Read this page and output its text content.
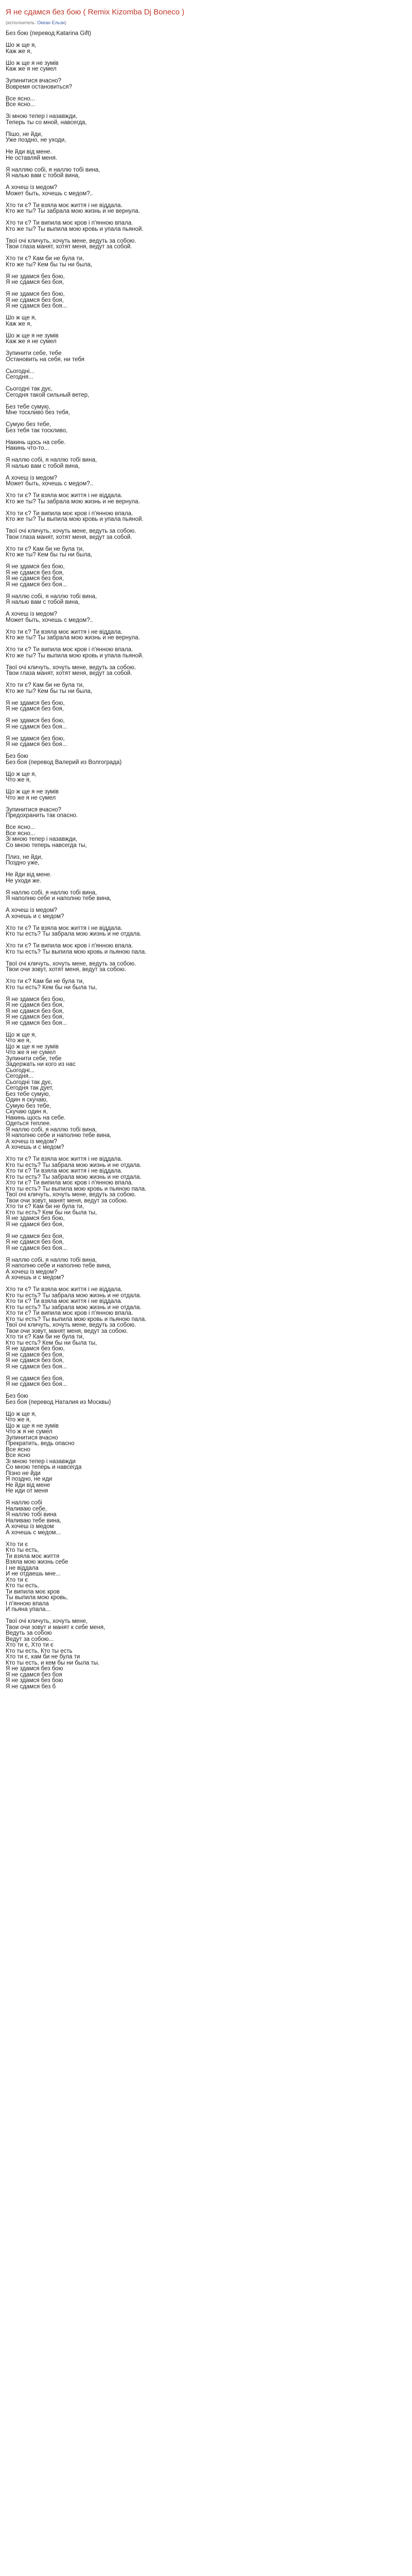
Я не сдамся без бою ( Remix Kizomba Dj Boneco )
(исполнитель: Океан Ельзи)
Без бою (перевод Katarina Gift)

Шо ж ще я,
Каж же я,

Шо ж ще я не зумів
Каж же я не сумел

Зупинитися вчасно?
Вовремя остановиться?

Все ясно...
Все ясно...

Зі мною тепер і назавжди,
Теперь ты со мной, навсегда,

Пішо, не йди,
Уже поздно, не уходи,

Не йди від мене.
Не оставляй меня.

Я налляю собі, я наллю тобі вина,
Я налью вам с тобой вина,

А хочеш із медом?
Может быть, хочешь с медом?..

Хто ти є? Ти взяла моє життя і не віддала.
Кто же ты? Ты забрала мою жизнь и не вернула.

Хто ти є? Ти випила моє кров і п'янною впала.
Кто же ты? Ты выпила мою кровь и упала пьяной.

Твої очі кличуть, хочуть мене, ведуть за собою.
Твои глаза манят, хотят меня, ведут за собой.

Хто ти є? Кам би не була ти,
Кто же ты? Кем бы ты ни была,

Я не здамся без бою,
Я не сдамся без боя,

Я не здамся без бою,
Я не сдамся без боя,
Я не сдамся без боя...

Шо ж ще я,
Каж же я,

Шо ж ще я не зумів
Каж же я не сумел

Зупинити себе, тебе
Остановить на себя, ни тебя

Сьогодні...
Сегодня...

Сьогодні так дує,
Сегодня такой сильный ветер,

Без тебе сумую,
Мне тоскливо без тебя,

Сумую без тебе,
Без тебя так тоскливо,

Накинь щось на себе.
Накинь что-то...

Я наллю собі, я наллю тобі вина,
Я налью вам с тобой вина,

А хочеш із медом?
Может быть, хочешь с медом?..

Хто ти є? Ти взяла моє життя і не віддала.
Кто же ты? Ты забрала мою жизнь и не вернула.

Хто ти є? Ти випила моє кров і п'янною впала.
Кто же ты? Ты выпила мою кровь и упала пьяной.

Твої очі кличуть, хочуть мене, ведуть за собою.
Твои глаза манят, хотят меня, ведут за собой.

Хто ти є? Кам би не була ти,
Кто же ты? Кем бы ты ни была,

Я не здамся без бою,
Я не сдамся без боя,
Я не сдамся без боя,
Я не сдамся без боя...

Я наллю собі, я наллю тобі вина,
Я налью вам с тобой вина,

А хочеш із медом?
Может быть, хочешь с медом?..

Хто ти є? Ти взяла моє життя і не віддала.
Кто же ты? Ты забрала мою жизнь и не вернула.

Хто ти є? Ти випила моє кров і п'янною впала.
Кто же ты? Ты выпила мою кровь и упала пьяной.

Твої очі кличуть, хочуть мене, ведуть за собою.
Твои глаза манят, хотят меня, ведут за собой.

Хто ти є? Кам би не була ти,
Кто же ты? Кем бы ты ни была,

Я не здамся без бою,
Я не сдамся без боя,

Я не здамся без бою,
Я не сдамся без боя...

Я не здамся без бою,
Я не сдамся без боя...

Без бою
Без боя (перевод Валерий из Волгограда)

Що ж ще я,
Что же я,

Що ж ще я не зумів
Что же я не сумел

Зупинитися вчасно?
Предохранить так опасно.

Все ясно...
Все ясно...
Зі мною тепер і назавжди,
Со мною теперь навсегда ты,

Плиз, не йди,
Поздно уже,

Не йди від мене.
Не уходи же.

Я наллю собі, я наллю тобі вина,
Я наполню себе и наполню тебе вина,

А хочеш із медом?
А хочешь и с медом?

Хто ти є? Ти взяла моє життя і не віддала.
Кто ты есть? Ты забрала мою жизнь и не отдала.

Хто ти є? Ти випила моє кров і п'янною впала.
Кто ты есть? Ты выпила мою кровь и пьяною пала.

Твої очі кличуть, хочуть мене, ведуть за собою.
Твои очи зовут, хотят меня, ведут за собою.

Хто ти є? Кам би не була ти,
Кто ты есть? Кем бы ни была ты,

Я не здамся без бою,
Я не сдамся без боя,
Я не сдамся без боя,
Я не сдамся без боя,
Я не сдамся без боя...

Що ж ще я,
Что же я,
Що ж ще я не зумів
Что же я не сумел
Зупинити себе, тебе
Задержать ни кого из нас
Сьогодні...
Сегодня...
Сьогодні так дує,
Сегодня так дует,
Без тебе сумую,
Один я скучаю,
Сумую без тебе,
Скучаю один я,
Накинь щось на себе.
Одеться теплее.
Я наллю собі, я наллю тобі вина,
Я наполню себе и наполню тебе вина,
А хочеш із медом?
А хочешь и с медом?

Хто ти є? Ти взяла моє життя і не віддала.
Кто ты есть? Ты забрала мою жизнь и не отдала.
Хто ти є? Ти взяла моє життя і не віддала.
Кто ты есть? Ты забрала мою жизнь и не отдала.
Хто ти є? Ти випила моє кров і п'янною впала.
Кто ты есть? Ты выпила мою кровь и пьяною пала.
Твої очі кличуть, хочуть мене, ведуть за собою.
Твои очи зовут, манят меня, ведут за собою.
Хто ти є? Кам би не була ти,
Кто ты есть? Кем бы ни была ты,
Я не здамся без бою,
Я не сдамся без боя,

Я не сдамся без боя,
Я не сдамся без боя,
Я не сдамся без боя...

Я наллю собі, я наллю тобі вина,
Я наполню себе и наполню тебе вина,
А хочеш із медом?
А хочешь и с медом?

Хто ти є? Ти взяла моє життя і не віддала.
Кто ты есть? Ты забрала мою жизнь и не отдала.
Хто ти є? Ти взяла моє життя і не віддала.
Кто ты есть? Ты забрала мою жизнь и не отдала.
Хто ти є? Ти випила моє кров і п'янною впала.
Кто ты есть? Ты выпила мою кровь и пьяною пала.
Твої очі кличуть, хочуть мене, ведуть за собою.
Твои очи зовут, манят меня, ведут за собою.
Хто ти є? Кам би не була ти,
Кто ты есть? Кем бы ни была ты,
Я не здамся без бою,
Я не сдамся без боя,
Я не сдамся без боя,
Я не сдамся без боя...

Я не сдамся без боя,
Я не сдамся без боя...

Без бою
Без боя (перевод Наталия из Москвы)

Що ж ще я,
Что же я,
Що ж ще я не зумів
Что ж я не сумел
Зупинитися вчасно
Прекратить, ведь опасно
Все ясно
Все ясно
Зі мною тепер і назавжди
Со мною теперь и навсегда
Пізно не йди
Я поздно, не иди
Не йди від мене
Не иди от меня

Я наллю собі
Наливаю себе,
Я наллю тобі вина
Наливаю тебе вина,
А хочеш із медом
А хочешь с медом...

Хто ти є
Кто ты есть,
Ти взяла моє життя
Взяла мою жизнь себе
І не віддала
И не отдаешь мне...
Хто ти є
Кто ты есть,
Ти випила моє кров
Ты выпила мою кровь,
І п'янною впала
И пьяна упала...

Твої очі кличуть, хочуть мене,
Твои очи зовут и манят к себе меня,
Ведуть за собою
Ведут за собою...
Хто ти є, Хто ти є
Кто ты есть, Кто ты есть
Хто ти є, кам би не була ти
Кто ты есть, и кем бы ни была ты.
Я не здамся без бою
Я не сдамся без боя
Я не здамся без бою
Я не сдамся без б
